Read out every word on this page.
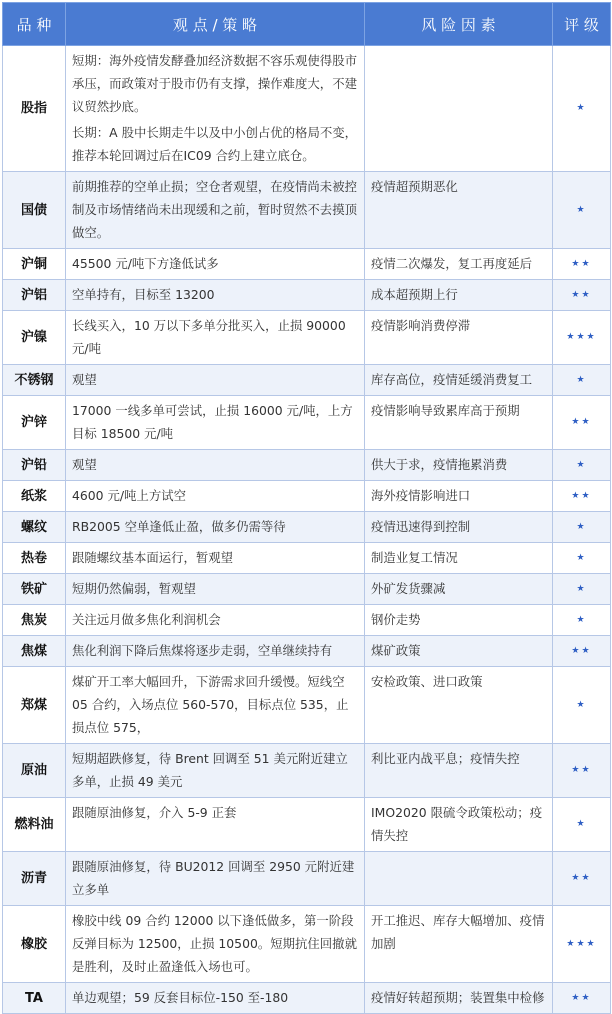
品 种	观 点 / 策 略	风 险 因 素	评 级
股指	短期：海外疫情发酵叠加经济数据不容乐观使得股市承压，而政策对于股市仍有支撑，操作难度大，不建议贸然抄底。
长期：A 股中长期走牛以及中小创占优的格局不变，推荐本轮回调过后在IC09 合约上建立底仓。		★
国债	前期推荐的空单止损；空仓者观望，在疫情尚未被控制及市场情绪尚未出现缓和之前，暂时贸然不去摸顶做空。	疫情超预期恶化	★
沪铜	45500 元/吨下方逢低试多	疫情二次爆发，复工再度延后	★★
沪铝	空单持有，目标至 13200	成本超预期上行	★★
沪镍	长线买入，10 万以下多单分批买入，止损 90000 元/吨	疫情影响消费停滞	★★★
不锈钢	观望	库存高位，疫情延缓消费复工	★
沪锌	17000 一线多单可尝试，止损 16000 元/吨，上方目标 18500 元/吨	疫情影响导致累库高于预期	★★
沪铅	观望	供大于求，疫情拖累消费	★
纸浆	4600 元/吨上方试空	海外疫情影响进口	★★
螺纹	RB2005 空单逢低止盈，做多仍需等待	疫情迅速得到控制	★
热卷	跟随螺纹基本面运行，暂观望	制造业复工情况	★
铁矿	短期仍然偏弱，暂观望	外矿发货骤减	★
焦炭	关注远月做多焦化利润机会	钢价走势	★
焦煤	焦化利润下降后焦煤将逐步走弱，空单继续持有	煤矿政策	★★
郑煤	煤矿开工率大幅回升，下游需求回升缓慢。短线空 05 合约，入场点位 560-570，目标点位 535，止损点位 575，	安检政策、进口政策	★
原油	短期超跌修复，待 Brent 回调至 51 美元附近建立多单，止损 49 美元	利比亚内战平息；疫情失控	★★
燃料油	跟随原油修复，介入 5-9 正套	IMO2020 限硫令政策松动；疫情失控	★
沥青	跟随原油修复，待 BU2012 回调至 2950 元附近建立多单		★★
橡胶	橡胶中线 09 合约 12000 以下逢低做多，第一阶段反弹目标为 12500，止损 10500。短期抗住回撤就是胜利，及时止盈逢低入场也可。	开工推迟、库存大幅增加、疫情加剧	★★★
TA	单边观望；59 反套目标位-150 至-180	疫情好转超预期；装置集中检修	★★
